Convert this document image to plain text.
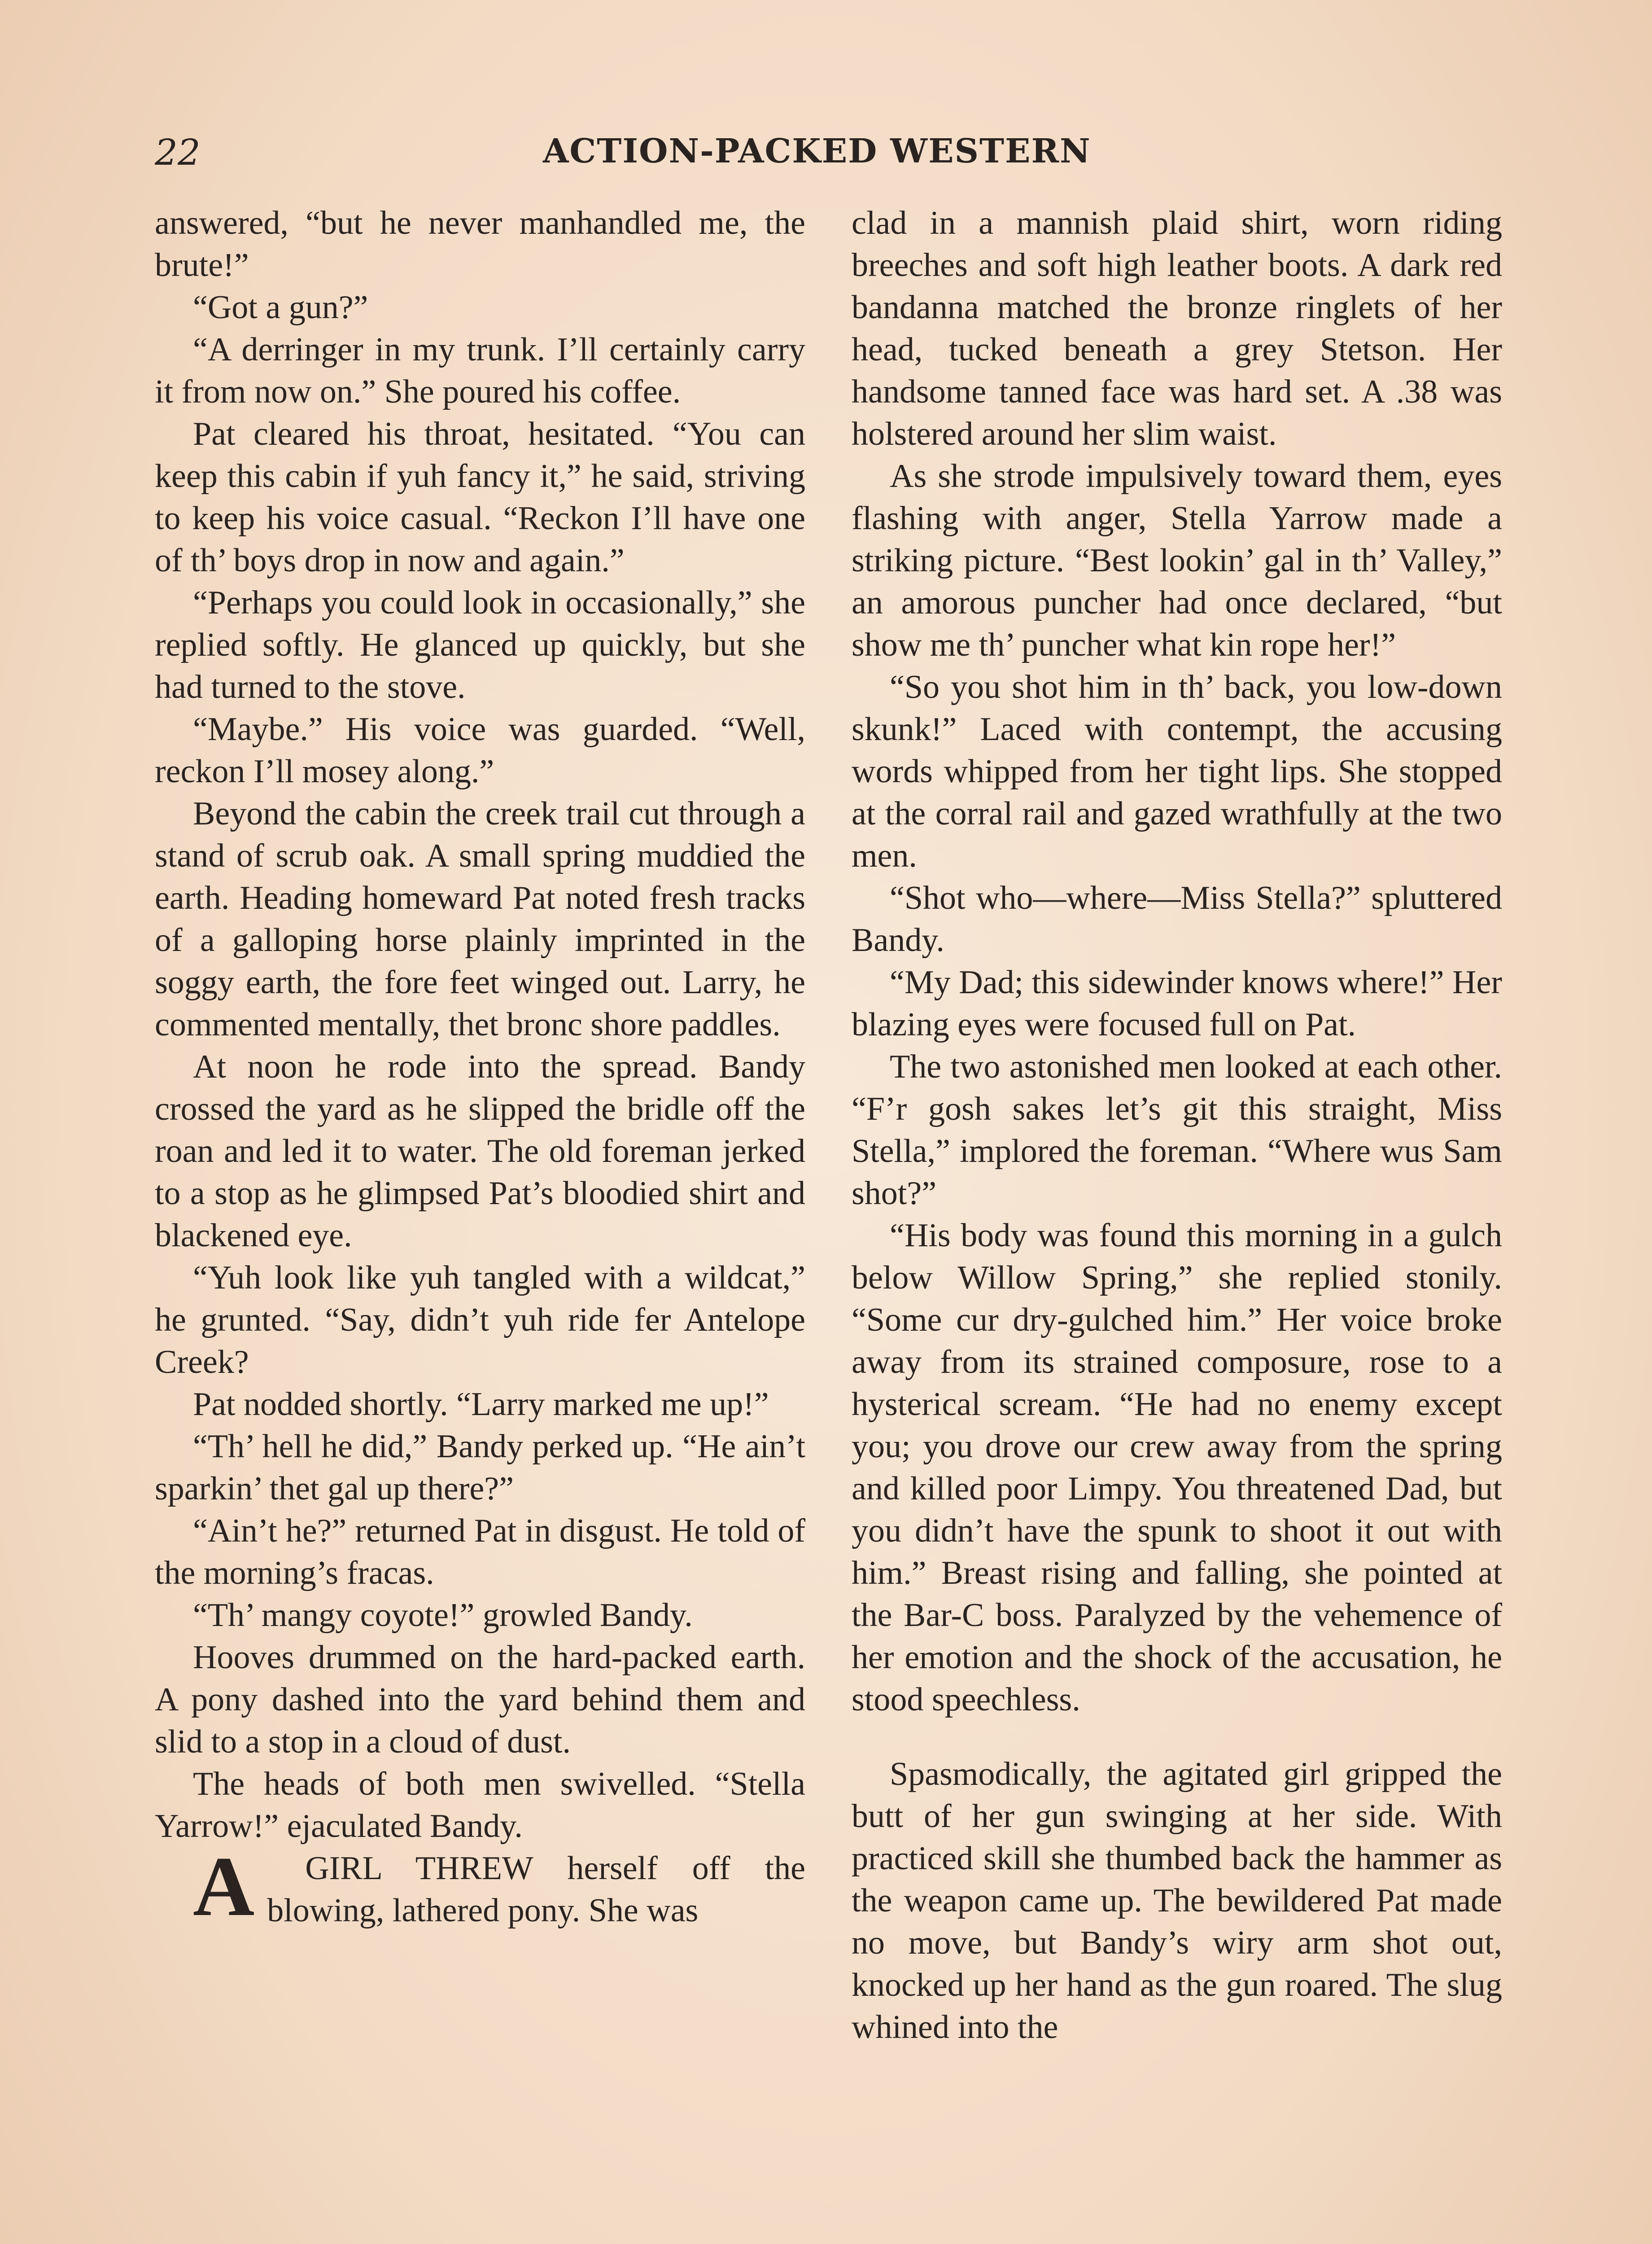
22	ACTION-PACKED WESTERN

answered, “but he never manhandled me, the brute!”

“Got a gun?”

“A derringer in my trunk. I’ll certainly carry it from now on.” She poured his coffee.

Pat cleared his throat, hesitated. “You can keep this cabin if yuh fancy it,” he said, striving to keep his voice casual. “Reckon I’ll have one of th’ boys drop in now and again.”

“Perhaps you could look in occasionally,” she replied softly. He glanced up quickly, but she had turned to the stove.

“Maybe.” His voice was guarded. “Well, reckon I’ll mosey along.”

Beyond the cabin the creek trail cut through a stand of scrub oak. A small spring muddied the earth. Heading homeward Pat noted fresh tracks of a galloping horse plainly imprinted in the soggy earth, the fore feet winged out. Larry, he commented mentally, thet bronc shore paddles.

At noon he rode into the spread. Bandy crossed the yard as he slipped the bridle off the roan and led it to water. The old foreman jerked to a stop as he glimpsed Pat’s bloodied shirt and blackened eye.

“Yuh look like yuh tangled with a wildcat,” he grunted. “Say, didn’t yuh ride fer Antelope Creek?

Pat nodded shortly. “Larry marked me up!”

“Th’ hell he did,” Bandy perked up. “He ain’t sparkin’ thet gal up there?”

“Ain’t he?” returned Pat in disgust. He told of the morning’s fracas.

“Th’ mangy coyote!” growled Bandy.

Hooves drummed on the hard-packed earth. A pony dashed into the yard behind them and slid to a stop in a cloud of dust.

The heads of both men swivelled. “Stella Yarrow!” ejaculated Bandy.

A GIRL THREW herself off the blowing, lathered pony. She was

clad in a mannish plaid shirt, worn riding breeches and soft high leather boots. A dark red bandanna matched the bronze ringlets of her head, tucked beneath a grey Stetson. Her handsome tanned face was hard set. A .38 was holstered around her slim waist.

As she strode impulsively toward them, eyes flashing with anger, Stella Yarrow made a striking picture. “Best lookin’ gal in th’ Valley,” an amorous puncher had once declared, “but show me th’ puncher what kin rope her!”

“So you shot him in th’ back, you low-down skunk!” Laced with contempt, the accusing words whipped from her tight lips. She stopped at the corral rail and gazed wrathfully at the two men.

“Shot who—where—Miss Stella?” spluttered Bandy.

“My Dad; this sidewinder knows where!” Her blazing eyes were focused full on Pat.

The two astonished men looked at each other. “F’r gosh sakes let’s git this straight, Miss Stella,” implored the foreman. “Where wus Sam shot?”

“His body was found this morning in a gulch below Willow Spring,” she replied stonily. “Some cur dry-gulched him.” Her voice broke away from its strained composure, rose to a hysterical scream. “He had no enemy except you; you drove our crew away from the spring and killed poor Limpy. You threatened Dad, but you didn’t have the spunk to shoot it out with him.” Breast rising and falling, she pointed at the Bar-C boss. Paralyzed by the vehemence of her emotion and the shock of the accusation, he stood speechless.

Spasmodically, the agitated girl gripped the butt of her gun swinging at her side. With practiced skill she thumbed back the hammer as the weapon came up. The bewildered Pat made no move, but Bandy’s wiry arm shot out, knocked up her hand as the gun roared. The slug whined into the
